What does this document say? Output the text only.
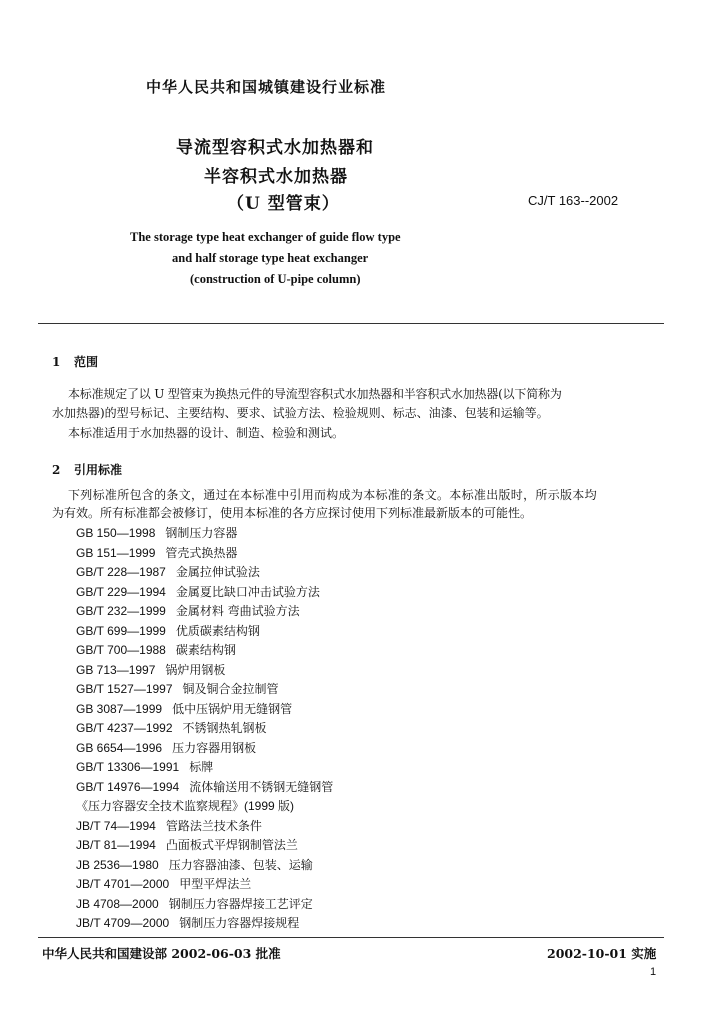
中华人民共和国城镇建设行业标准
导流型容积式水加热器和
半容积式水加热器
（U 型管束）	CJ/T 163--2002
The storage type heat exchanger of guide flow type
and half storage type heat exchanger
(construction of U-pipe column)
1 范围
本标准规定了以 U 型管束为换热元件的导流型容积式水加热器和半容积式水加热器(以下简称为
水加热器)的型号标记、主要结构、要求、试验方法、检验规则、标志、油漆、包装和运输等。
本标准适用于水加热器的设计、制造、检验和测试。
2 引用标准
下列标准所包含的条文，通过在本标准中引用而构成为本标准的条文。本标准出版时，所示版本均
为有效。所有标准都会被修订，使用本标准的各方应探讨使用下列标准最新版本的可能性。
GB 150—1998 钢制压力容器
GB 151—1999 管壳式换热器
GB/T 228—1987 金属拉伸试验法
GB/T 229—1994 金属夏比缺口冲击试验方法
GB/T 232—1999 金属材料 弯曲试验方法
GB/T 699—1999 优质碳素结构钢
GB/T 700—1988 碳素结构钢
GB 713—1997 锅炉用钢板
GB/T 1527—1997 铜及铜合金拉制管
GB 3087—1999 低中压锅炉用无缝钢管
GB/T 4237—1992 不锈钢热轧钢板
GB 6654—1996 压力容器用钢板
GB/T 13306—1991 标牌
GB/T 14976—1994 流体输送用不锈钢无缝钢管
《压力容器安全技术监察规程》(1999 版)
JB/T 74—1994 管路法兰技术条件
JB/T 81—1994 凸面板式平焊钢制管法兰
JB 2536—1980 压力容器油漆、包装、运输
JB/T 4701—2000 甲型平焊法兰
JB 4708—2000 钢制压力容器焊接工艺评定
JB/T 4709—2000 钢制压力容器焊接规程
中华人民共和国建设部 2002-06-03 批准	2002-10-01 实施
1
